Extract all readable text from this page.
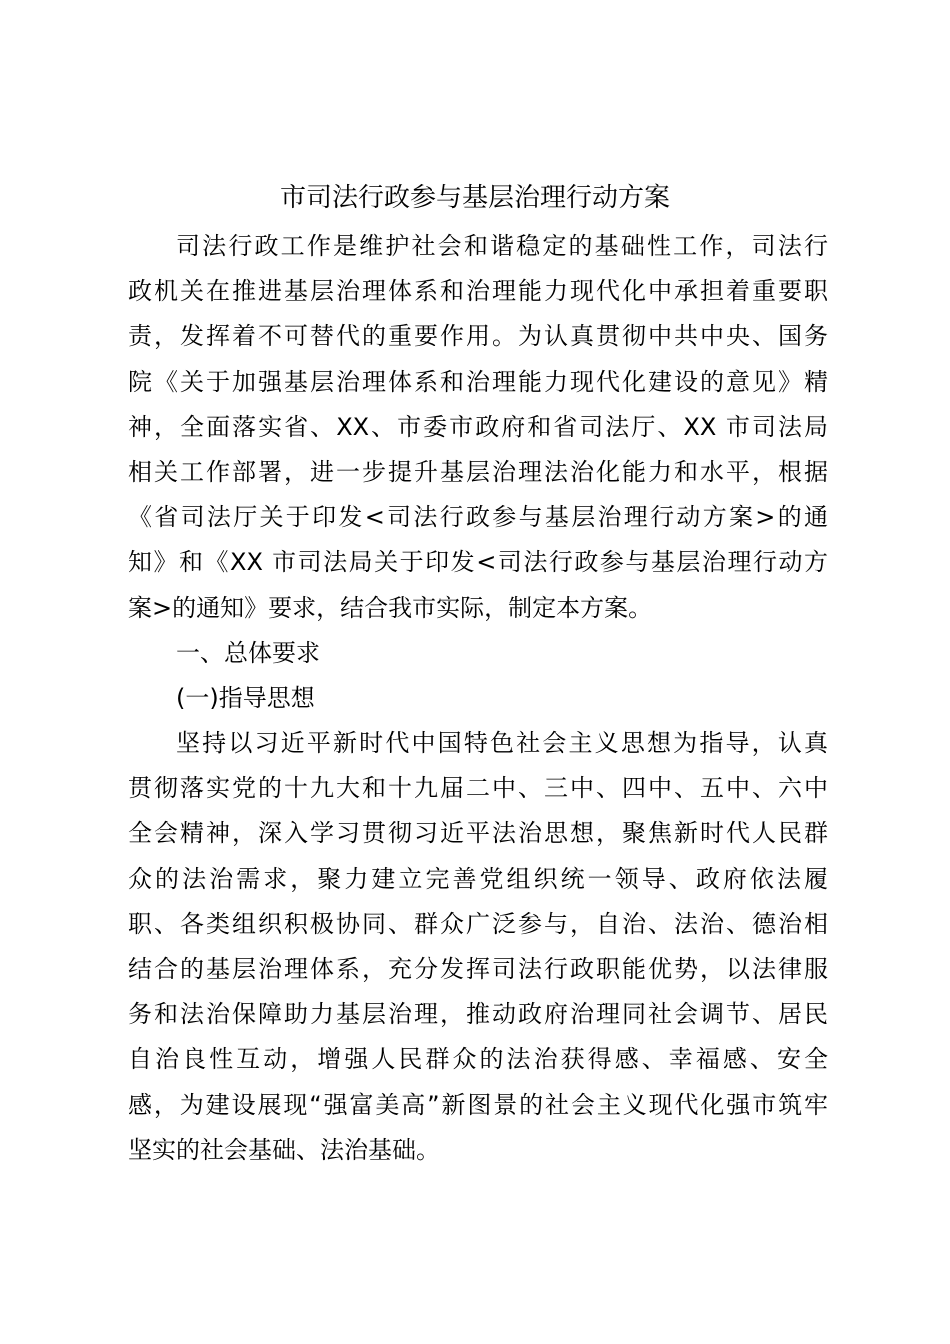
市司法行政参与基层治理行动方案
司法行政工作是维护社会和谐稳定的基础性工作，司法行
政机关在推进基层治理体系和治理能力现代化中承担着重要职
责，发挥着不可替代的重要作用。为认真贯彻中共中央、国务
院《关于加强基层治理体系和治理能力现代化建设的意见》精
神，全面落实省、XX、市委市政府和省司法厅、XX 市司法局
相关工作部署，进一步提升基层治理法治化能力和水平，根据
《省司法厅关于印发<司法行政参与基层治理行动方案>的通
知》和《XX 市司法局关于印发<司法行政参与基层治理行动方
案>的通知》要求，结合我市实际，制定本方案。
一、总体要求
(一)指导思想
坚持以习近平新时代中国特色社会主义思想为指导，认真
贯彻落实党的十九大和十九届二中、三中、四中、五中、六中
全会精神，深入学习贯彻习近平法治思想，聚焦新时代人民群
众的法治需求，聚力建立完善党组织统一领导、政府依法履
职、各类组织积极协同、群众广泛参与，自治、法治、德治相
结合的基层治理体系，充分发挥司法行政职能优势，以法律服
务和法治保障助力基层治理，推动政府治理同社会调节、居民
自治良性互动，增强人民群众的法治获得感、幸福感、安全
感，为建设展现“强富美高”新图景的社会主义现代化强市筑牢
坚实的社会基础、法治基础。
